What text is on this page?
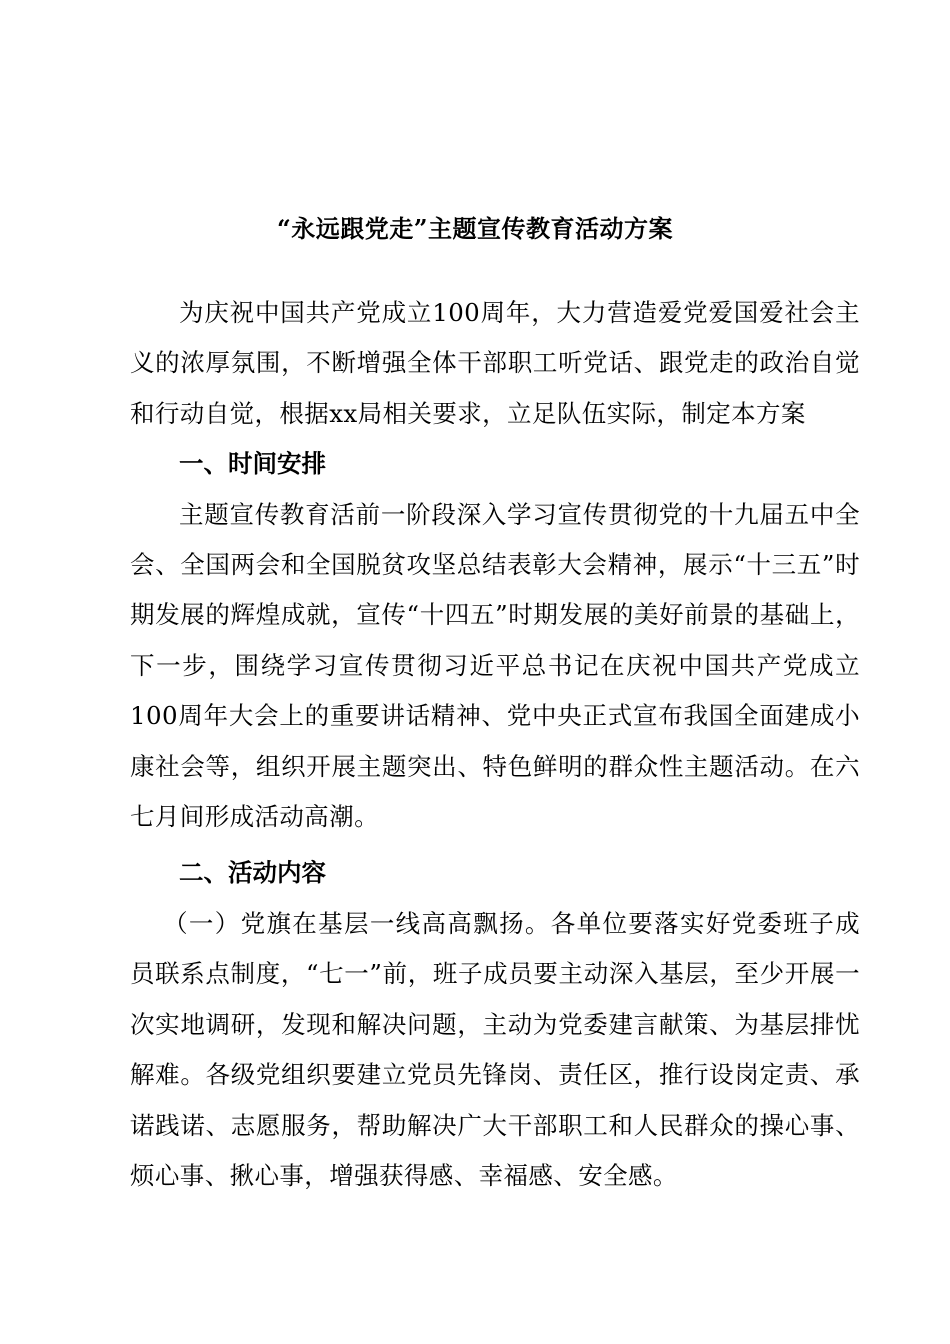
“永远跟党走”主题宣传教育活动方案

为庆祝中国共产党成立100周年，大力营造爱党爱国爱社会主义的浓厚氛围，不断增强全体干部职工听党话、跟党走的政治自觉和行动自觉，根据xx局相关要求，立足队伍实际，制定本方案

一、时间安排

主题宣传教育活前一阶段深入学习宣传贯彻党的十九届五中全会、全国两会和全国脱贫攻坚总结表彰大会精神，展示“十三五”时期发展的辉煌成就，宣传“十四五”时期发展的美好前景的基础上，下一步，围绕学习宣传贯彻习近平总书记在庆祝中国共产党成立100周年大会上的重要讲话精神、党中央正式宣布我国全面建成小康社会等，组织开展主题突出、特色鲜明的群众性主题活动。在六七月间形成活动高潮。

二、活动内容

（一）党旗在基层一线高高飘扬。各单位要落实好党委班子成员联系点制度，“七一”前，班子成员要主动深入基层，至少开展一次实地调研，发现和解决问题，主动为党委建言献策、为基层排忧解难。各级党组织要建立党员先锋岗、责任区，推行设岗定责、承诺践诺、志愿服务，帮助解决广大干部职工和人民群众的操心事、烦心事、揪心事，增强获得感、幸福感、安全感。
